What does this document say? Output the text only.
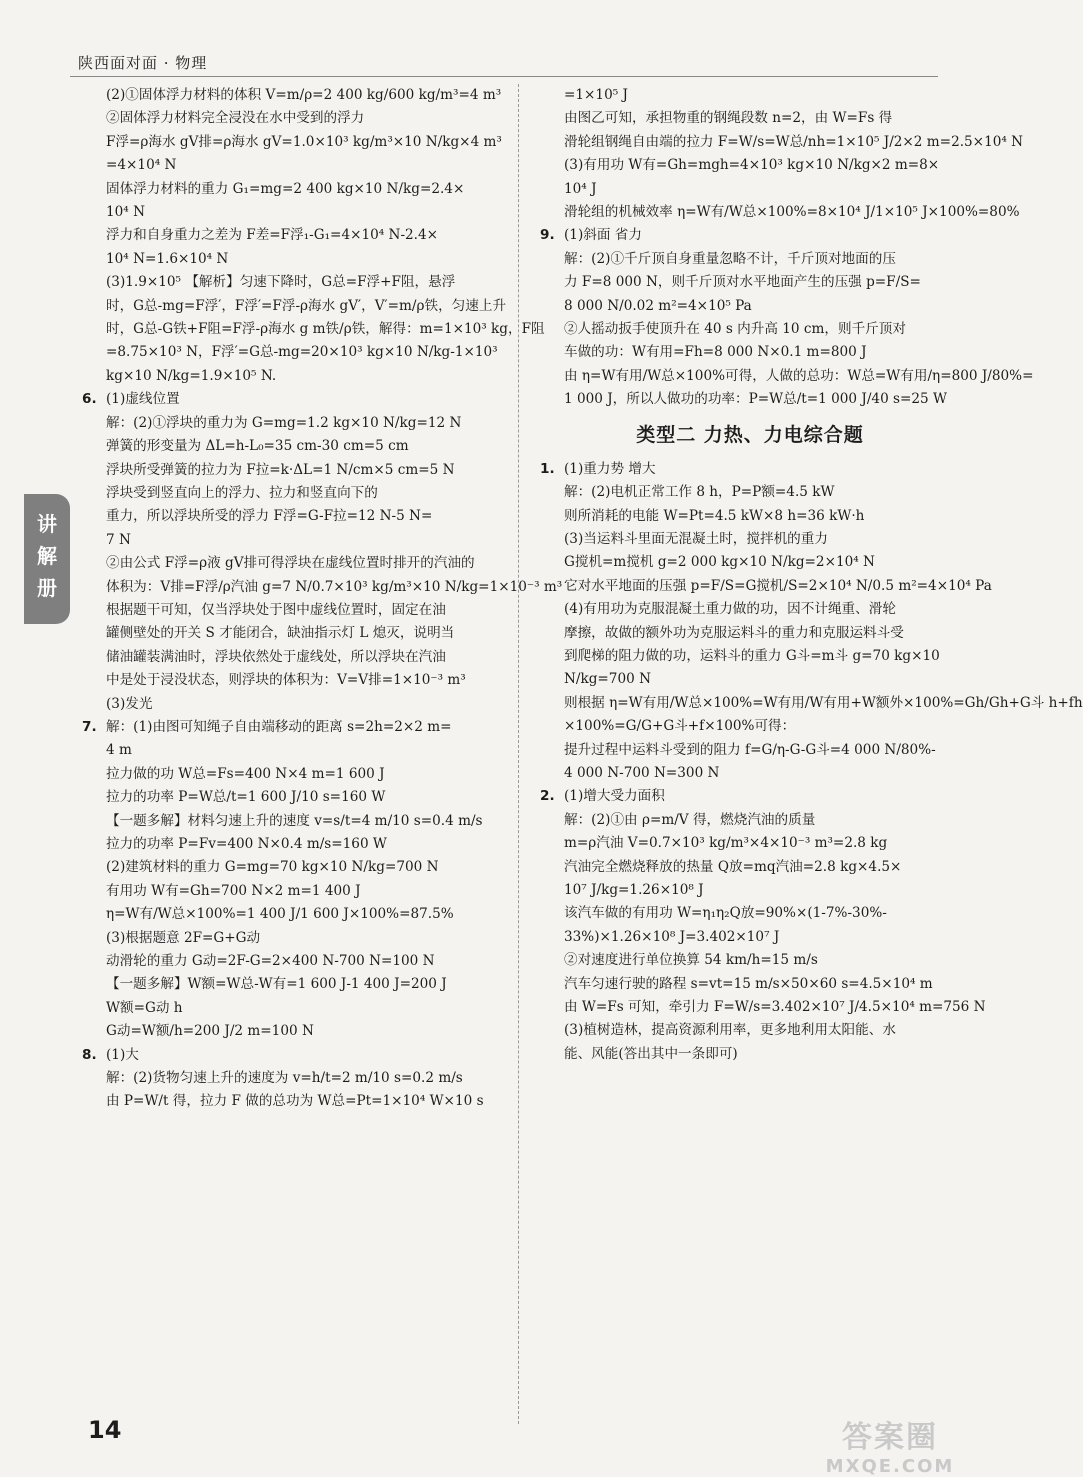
陕西面对面 · 物理
讲
解
册
(2)①固体浮力材料的体积 V=m/ρ=2 400 kg/600 kg/m³=4 m³
②固体浮力材料完全浸没在水中受到的浮力
F浮=ρ海水 gV排=ρ海水 gV=1.0×10³ kg/m³×10 N/kg×4 m³
=4×10⁴ N
固体浮力材料的重力 G₁=mg=2 400 kg×10 N/kg=2.4×
10⁴ N
浮力和自身重力之差为 F差=F浮₁-G₁=4×10⁴ N-2.4×
10⁴ N=1.6×10⁴ N
(3)1.9×10⁵ 【解析】匀速下降时，G总=F浮+F阻，悬浮
时，G总-mg=F浮′，F浮′=F浮-ρ海水 gV′，V′=m/ρ铁，匀速上升
时，G总-G铁+F阻=F浮-ρ海水 g m铁/ρ铁，解得：m=1×10³ kg，F阻
=8.75×10³ N，F浮′=G总-mg=20×10³ kg×10 N/kg-1×10³
kg×10 N/kg=1.9×10⁵ N.
6. (1)虚线位置
解：(2)①浮块的重力为 G=mg=1.2 kg×10 N/kg=12 N
弹簧的形变量为 ΔL=h-L₀=35 cm-30 cm=5 cm
浮块所受弹簧的拉力为 F拉=k·ΔL=1 N/cm×5 cm=5 N
浮块受到竖直向上的浮力、拉力和竖直向下的
重力，所以浮块所受的浮力 F浮=G-F拉=12 N-5 N=
7 N
②由公式 F浮=ρ液 gV排可得浮块在虚线位置时排开的汽油的
体积为：V排=F浮/ρ汽油 g=7 N/0.7×10³ kg/m³×10 N/kg=1×10⁻³ m³
根据题干可知，仅当浮块处于图中虚线位置时，固定在油
罐侧壁处的开关 S 才能闭合，缺油指示灯 L 熄灭，说明当
储油罐装满油时，浮块依然处于虚线处，所以浮块在汽油
中是处于浸没状态，则浮块的体积为：V=V排=1×10⁻³ m³
(3)发光
7. 解：(1)由图可知绳子自由端移动的距离 s=2h=2×2 m=
4 m
拉力做的功 W总=Fs=400 N×4 m=1 600 J
拉力的功率 P=W总/t=1 600 J/10 s=160 W
【一题多解】材料匀速上升的速度 v=s/t=4 m/10 s=0.4 m/s
拉力的功率 P=Fv=400 N×0.4 m/s=160 W
(2)建筑材料的重力 G=mg=70 kg×10 N/kg=700 N
有用功 W有=Gh=700 N×2 m=1 400 J
η=W有/W总×100%=1 400 J/1 600 J×100%=87.5%
(3)根据题意 2F=G+G动
动滑轮的重力 G动=2F-G=2×400 N-700 N=100 N
【一题多解】W额=W总-W有=1 600 J-1 400 J=200 J
W额=G动 h
G动=W额/h=200 J/2 m=100 N
8. (1)大
解：(2)货物匀速上升的速度为 v=h/t=2 m/10 s=0.2 m/s
由 P=W/t 得，拉力 F 做的总功为 W总=Pt=1×10⁴ W×10 s
=1×10⁵ J
由图乙可知，承担物重的钢绳段数 n=2，由 W=Fs 得
滑轮组钢绳自由端的拉力 F=W/s=W总/nh=1×10⁵ J/2×2 m=2.5×10⁴ N
(3)有用功 W有=Gh=mgh=4×10³ kg×10 N/kg×2 m=8×
10⁴ J
滑轮组的机械效率 η=W有/W总×100%=8×10⁴ J/1×10⁵ J×100%=80%
9. (1)斜面 省力
解：(2)①千斤顶自身重量忽略不计，千斤顶对地面的压
力 F=8 000 N，则千斤顶对水平地面产生的压强 p=F/S=
8 000 N/0.02 m²=4×10⁵ Pa
②人摇动扳手使顶升在 40 s 内升高 10 cm，则千斤顶对
车做的功：W有用=Fh=8 000 N×0.1 m=800 J
由 η=W有用/W总×100%可得，人做的总功：W总=W有用/η=800 J/80%=
1 000 J，所以人做功的功率：P=W总/t=1 000 J/40 s=25 W
类型二 力热、力电综合题
1. (1)重力势 增大
解：(2)电机正常工作 8 h，P=P额=4.5 kW
则所消耗的电能 W=Pt=4.5 kW×8 h=36 kW·h
(3)当运料斗里面无混凝土时，搅拌机的重力
G搅机=m搅机 g=2 000 kg×10 N/kg=2×10⁴ N
它对水平地面的压强 p=F/S=G搅机/S=2×10⁴ N/0.5 m²=4×10⁴ Pa
(4)有用功为克服混凝土重力做的功，因不计绳重、滑轮
摩擦，故做的额外功为克服运料斗的重力和克服运料斗受
到爬梯的阻力做的功，运料斗的重力 G斗=m斗 g=70 kg×10
N/kg=700 N
则根据 η=W有用/W总×100%=W有用/W有用+W额外×100%=Gh/Gh+G斗 h+fh
×100%=G/G+G斗+f×100%可得：
提升过程中运料斗受到的阻力 f=G/η-G-G斗=4 000 N/80%-
4 000 N-700 N=300 N
2. (1)增大受力面积
解：(2)①由 ρ=m/V 得，燃烧汽油的质量
m=ρ汽油 V=0.7×10³ kg/m³×4×10⁻³ m³=2.8 kg
汽油完全燃烧释放的热量 Q放=mq汽油=2.8 kg×4.5×
10⁷ J/kg=1.26×10⁸ J
该汽车做的有用功 W=η₁η₂Q放=90%×(1-7%-30%-
33%)×1.26×10⁸ J=3.402×10⁷ J
②对速度进行单位换算 54 km/h=15 m/s
汽车匀速行驶的路程 s=vt=15 m/s×50×60 s=4.5×10⁴ m
由 W=Fs 可知，牵引力 F=W/s=3.402×10⁷ J/4.5×10⁴ m=756 N
(3)植树造林，提高资源利用率，更多地利用太阳能、水
能、风能(答出其中一条即可)
14	答案圈
MXQE.COM
